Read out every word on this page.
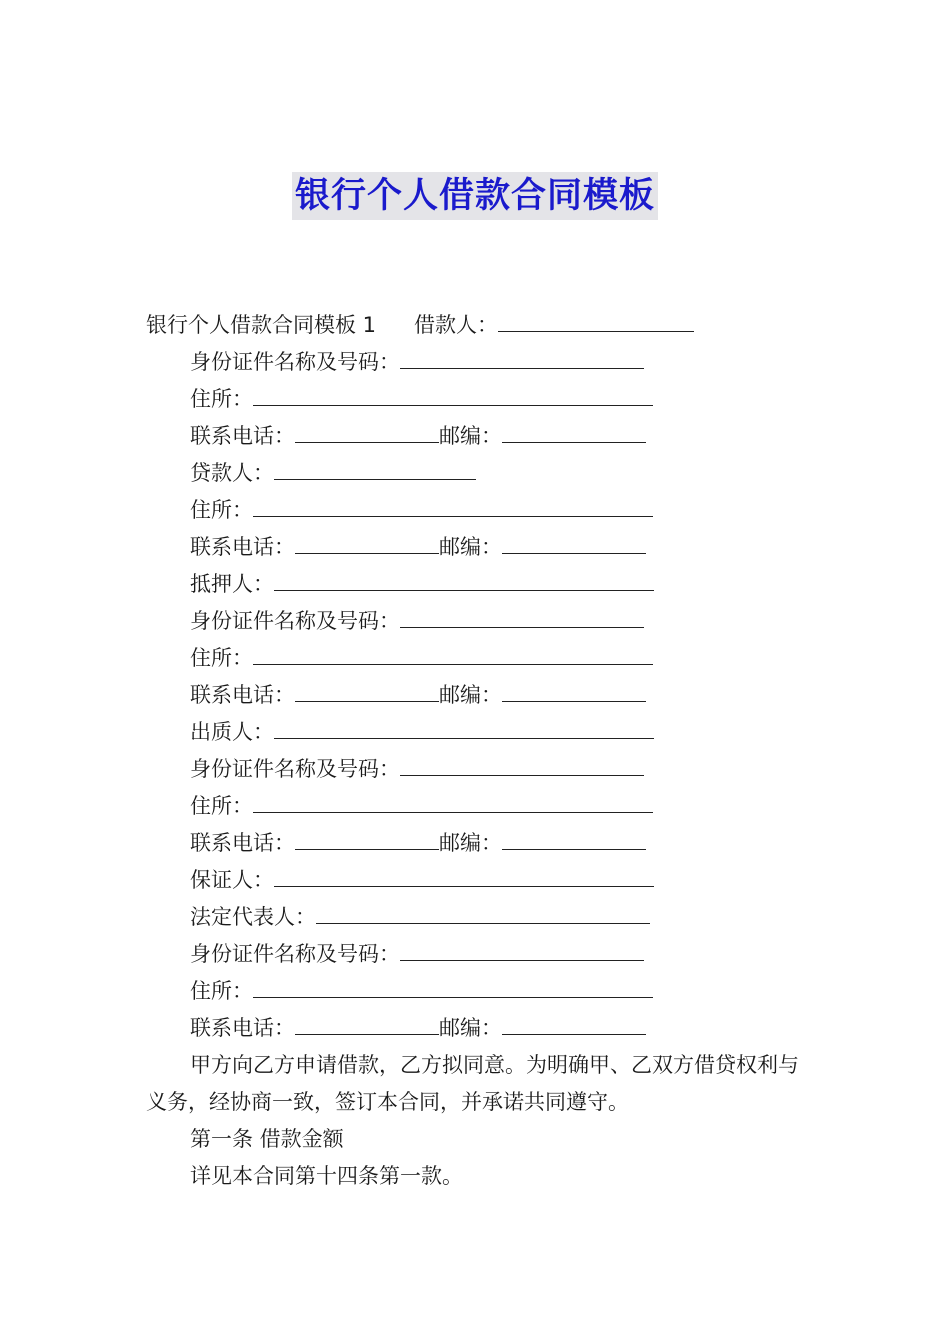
银行个人借款合同模板
银行个人借款合同模板 1 借款人：
身份证件名称及号码：
住所：
联系电话：	邮编：
贷款人：
住所：
联系电话：	邮编：
抵押人：
身份证件名称及号码：
住所：
联系电话：	邮编：
出质人：
身份证件名称及号码：
住所：
联系电话：	邮编：
保证人：
法定代表人：
身份证件名称及号码：
住所：
联系电话：	邮编：

甲方向乙方申请借款，乙方拟同意。为明确甲、乙双方借贷权利与义务，经协商一致，签订本合同，并承诺共同遵守。

第一条 借款金额

详见本合同第十四条第一款。
